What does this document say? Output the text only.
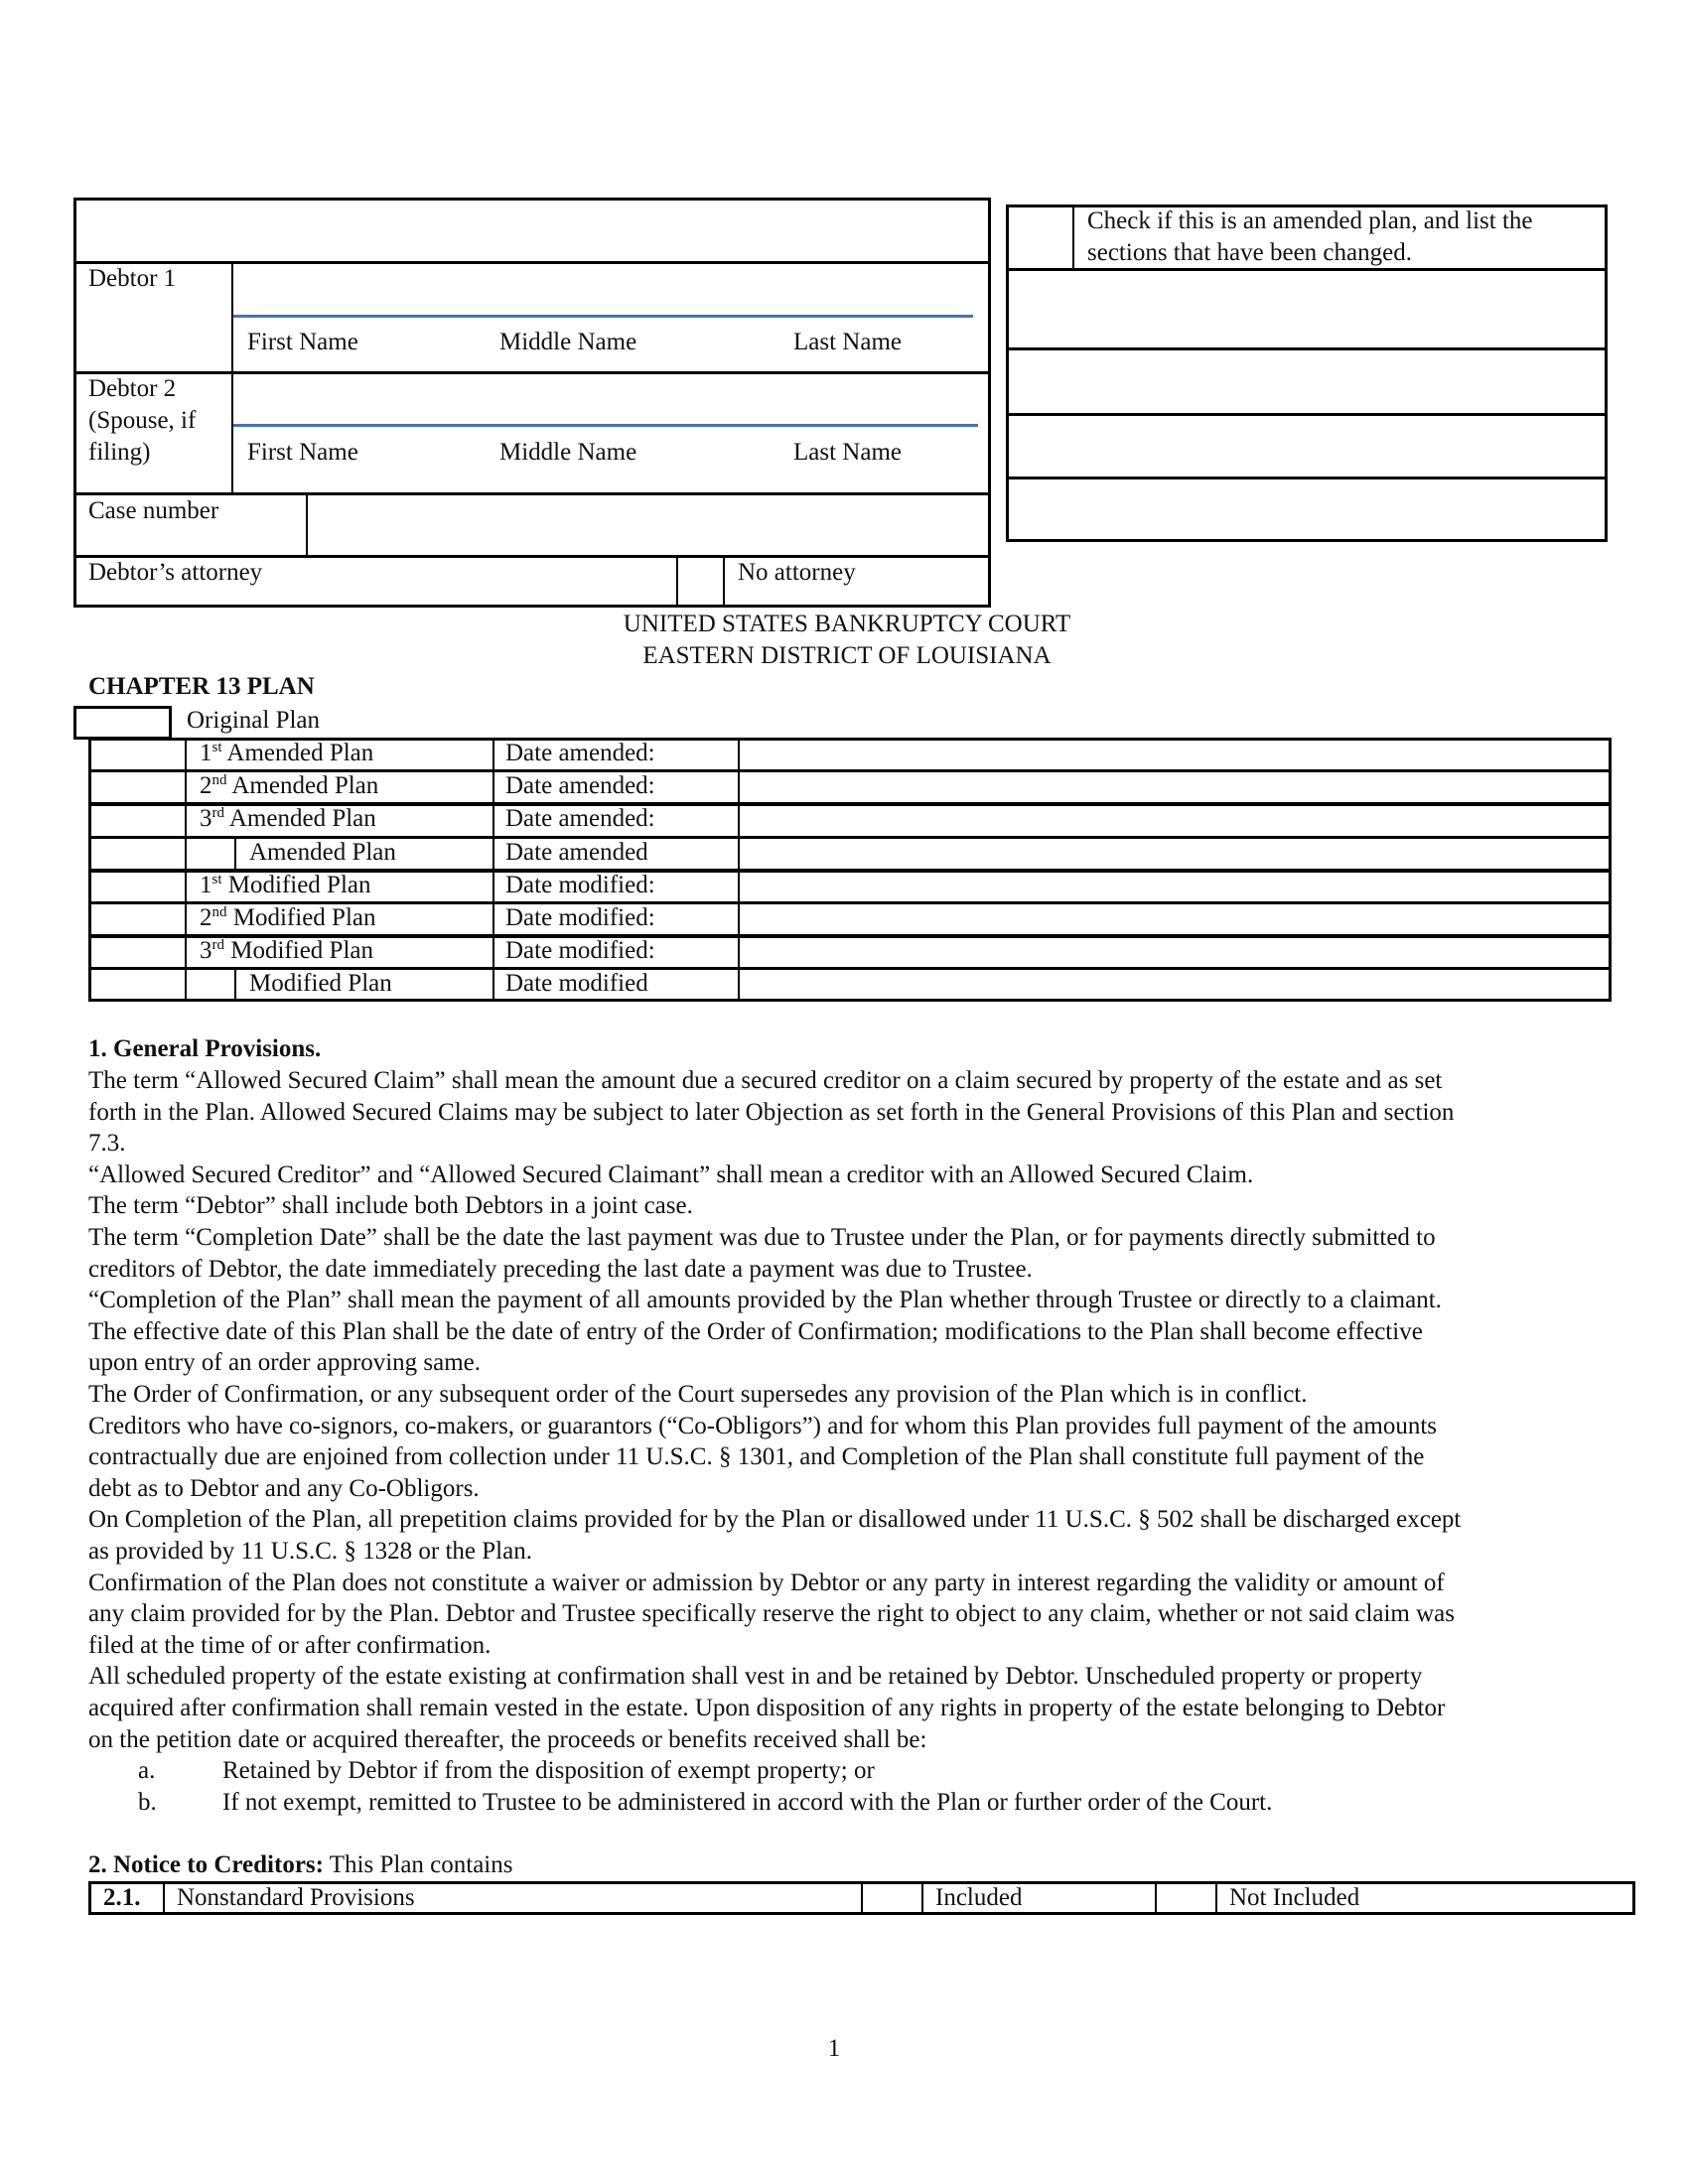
Debtor 1
First Name	Middle Name	Last Name
Debtor 2
(Spouse, if
filing)	First Name	Middle Name	Last Name
Case number
Debtor’s attorney	No attorney
Check if this is an amended plan, and list the
sections that have been changed.
UNITED STATES BANKRUPTCY COURT
EASTERN DISTRICT OF LOUISIANA
CHAPTER 13 PLAN
Original Plan
1. General Provisions.
2. Notice to Creditors: This Plan contains
2.1. Nonstandard Provisions	Included	Not Included
1
1st Amended Plan	Date amended:
2nd Amended Plan	Date amended:
3rd Amended Plan	Date amended:
Amended Plan	Date amended
1st Modified Plan	Date modified:
2nd Modified Plan	Date modified:
3rd Modified Plan	Date modified:
Modified Plan	Date modified
The term “Allowed Secured Claim” shall mean the amount due a secured creditor on a claim secured by property of the estate and as set
forth in the Plan. Allowed Secured Claims may be subject to later Objection as set forth in the General Provisions of this Plan and section
7.3.
“Allowed Secured Creditor” and “Allowed Secured Claimant” shall mean a creditor with an Allowed Secured Claim.
The term “Debtor” shall include both Debtors in a joint case.
The term “Completion Date” shall be the date the last payment was due to Trustee under the Plan, or for payments directly submitted to
creditors of Debtor, the date immediately preceding the last date a payment was due to Trustee.
“Completion of the Plan” shall mean the payment of all amounts provided by the Plan whether through Trustee or directly to a claimant.
The effective date of this Plan shall be the date of entry of the Order of Confirmation; modifications to the Plan shall become effective
upon entry of an order approving same.
The Order of Confirmation, or any subsequent order of the Court supersedes any provision of the Plan which is in conflict.
Creditors who have co-signors, co-makers, or guarantors (“Co-Obligors”) and for whom this Plan provides full payment of the amounts
contractually due are enjoined from collection under 11 U.S.C. § 1301, and Completion of the Plan shall constitute full payment of the
debt as to Debtor and any Co-Obligors.
On Completion of the Plan, all prepetition claims provided for by the Plan or disallowed under 11 U.S.C. § 502 shall be discharged except
as provided by 11 U.S.C. § 1328 or the Plan.
Confirmation of the Plan does not constitute a waiver or admission by Debtor or any party in interest regarding the validity or amount of
any claim provided for by the Plan. Debtor and Trustee specifically reserve the right to object to any claim, whether or not said claim was
filed at the time of or after confirmation.
All scheduled property of the estate existing at confirmation shall vest in and be retained by Debtor. Unscheduled property or property
acquired after confirmation shall remain vested in the estate. Upon disposition of any rights in property of the estate belonging to Debtor
on the petition date or acquired thereafter, the proceeds or benefits received shall be:
a.	Retained by Debtor if from the disposition of exempt property; or
b.	If not exempt, remitted to Trustee to be administered in accord with the Plan or further order of the Court.
